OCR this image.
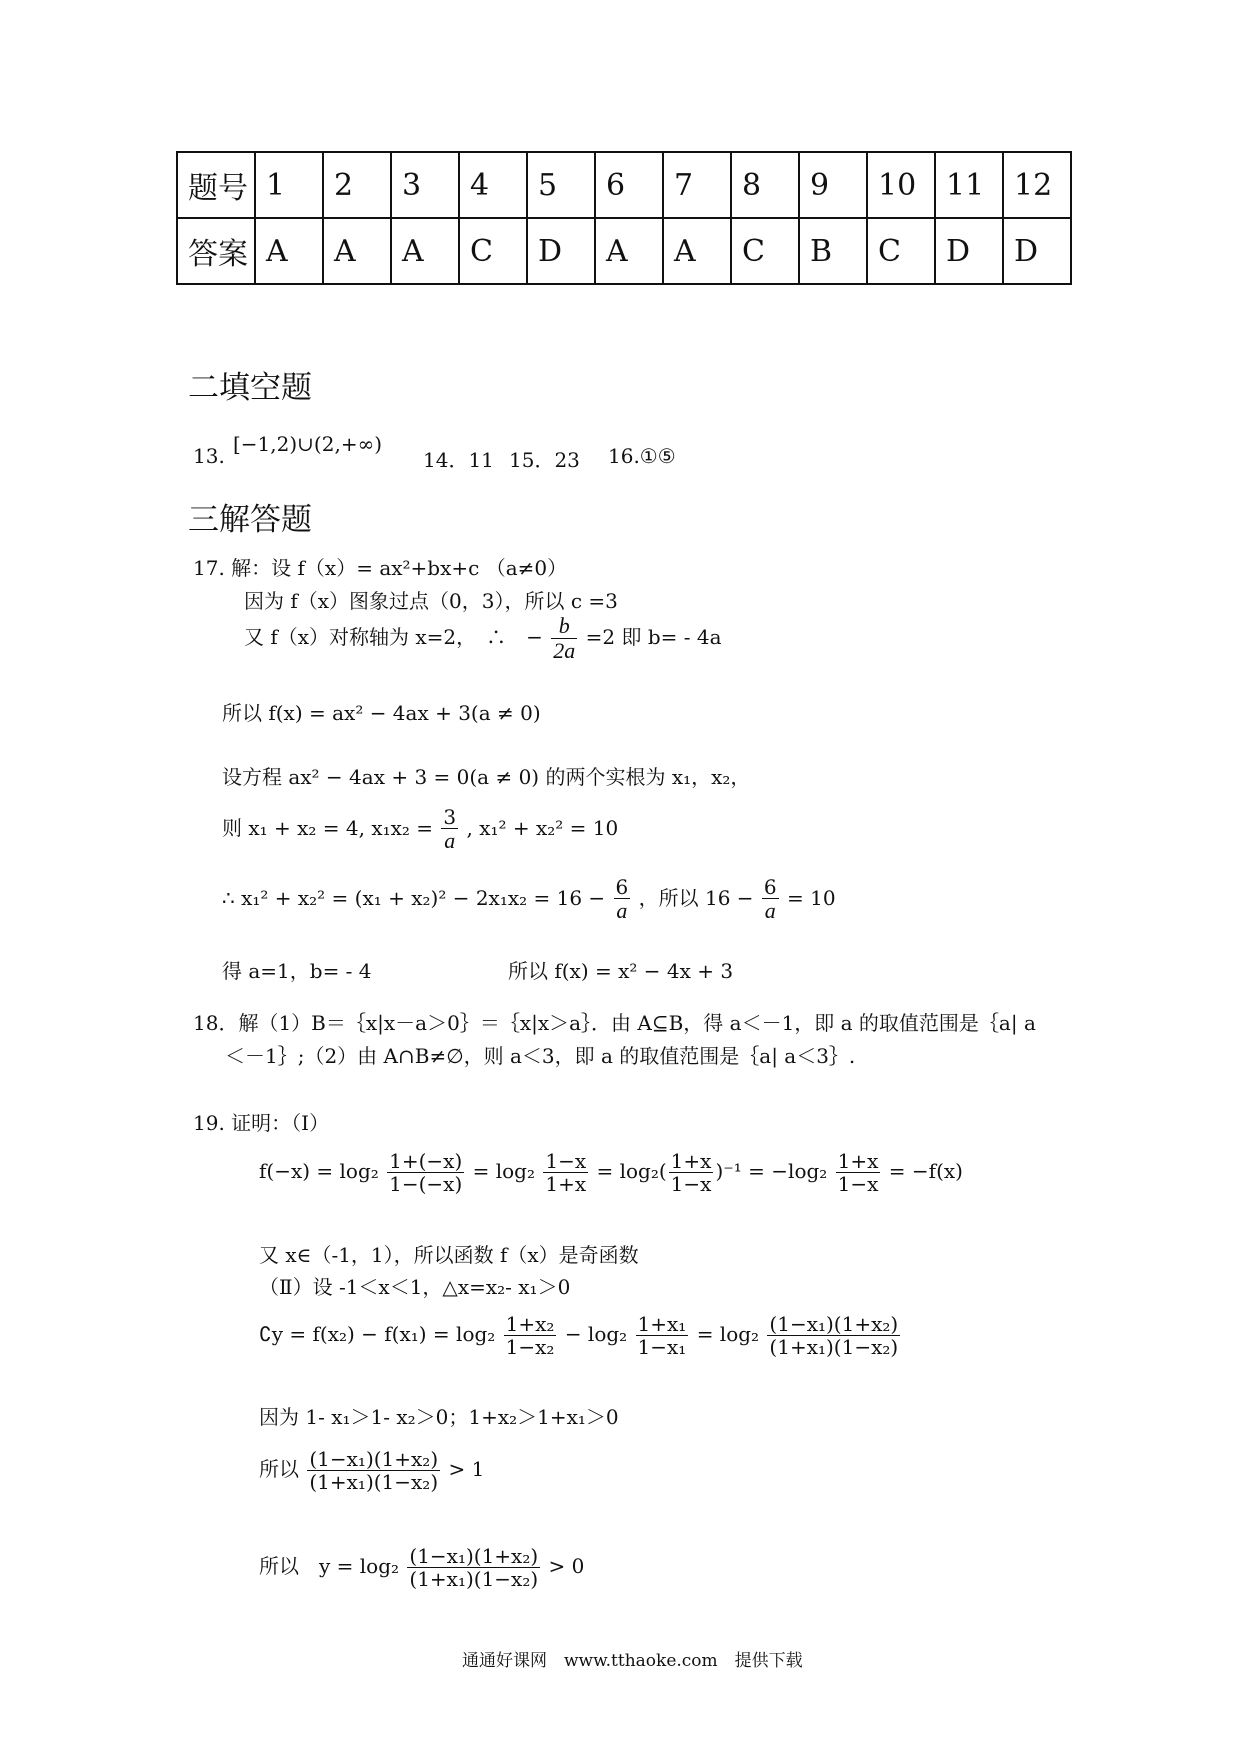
题号	1	2	3	4	5	6	7	8	9	10	11	12
答案	A	A	A	C	D	A	A	C	B	C	D	D
二填空题
13. [−1,2)∪(2,+∞)
14．11 15．23 16.①⑤
三解答题
17. 解：设 f（x）= ax²+bx+c （a≠0）
因为 f（x）图象过点（0，3），所以 c =3
又 f（x）对称轴为 x=2，　∴　− $\frac{b}{2a} =2$ 即 b= - 4a
所以 f(x) = ax² − 4ax + 3(a ≠ 0)
设方程 ax² − 4ax + 3 = 0(a ≠ 0) 的两个实根为 x₁，x₂，
则 x₁ + x₂ = 4, $x_1x_2 = \frac{3}{a}$ , x₁² + x₂² = 10
∴ $x_1^2 + x_2^2 = (x_1 + x_2)^2 - 2x_1x_2 = 16 - \frac{6}{a}$ ，所以 $16 - \frac{6}{a} = 10$
得 a=1，b= - 4	所以 f(x) = x² − 4x + 3
18．解（1）B＝｛x|x－a＞0｝＝｛x|x＞a｝．由 A⊆B，得 a＜－1，即 a 的取值范围是｛a| a
＜－1｝;（2）由 A∩B≠∅，则 a＜3，即 a 的取值范围是｛a| a＜3｝.
19. 证明：（Ⅰ）
$f(-x) = \log_2 \frac{1+(-x)}{1-(-x)} = \log_2 \frac{1-x}{1+x} = \log_2( \frac{1+x}{1-x} )^{-1} = -\log_2 \frac{1+x}{1-x} = -f(x)$
又 x∈（-1，1），所以函数 f（x）是奇函数
（Ⅱ）设 -1＜x＜1，△x=x₂- x₁＞0
∁y = $f(x_2) - f(x_1) = \log_2 \frac{\text{1+x₂}}{\text{1−x₂}} - \log_2 \frac{\text{1+x₁}}{\text{1−x₁}} = \log_2 \frac{\text{(1−x₁)(1+x₂)}}{\text{(1+x₁)(1−x₂)}}$
因为 1- x₁＞1- x₂＞0；1+x₂＞1+x₁＞0
所以 $\frac{\text{(1−x₁)(1+x₂)}}{\text{(1+x₁)(1−x₂)}} > 1$
所以　$y = \log_2 \frac{\text{(1−x₁)(1+x₂)}}{\text{(1+x₁)(1−x₂)}} > 0$
通通好课网　www.tthaoke.com　提供下载
